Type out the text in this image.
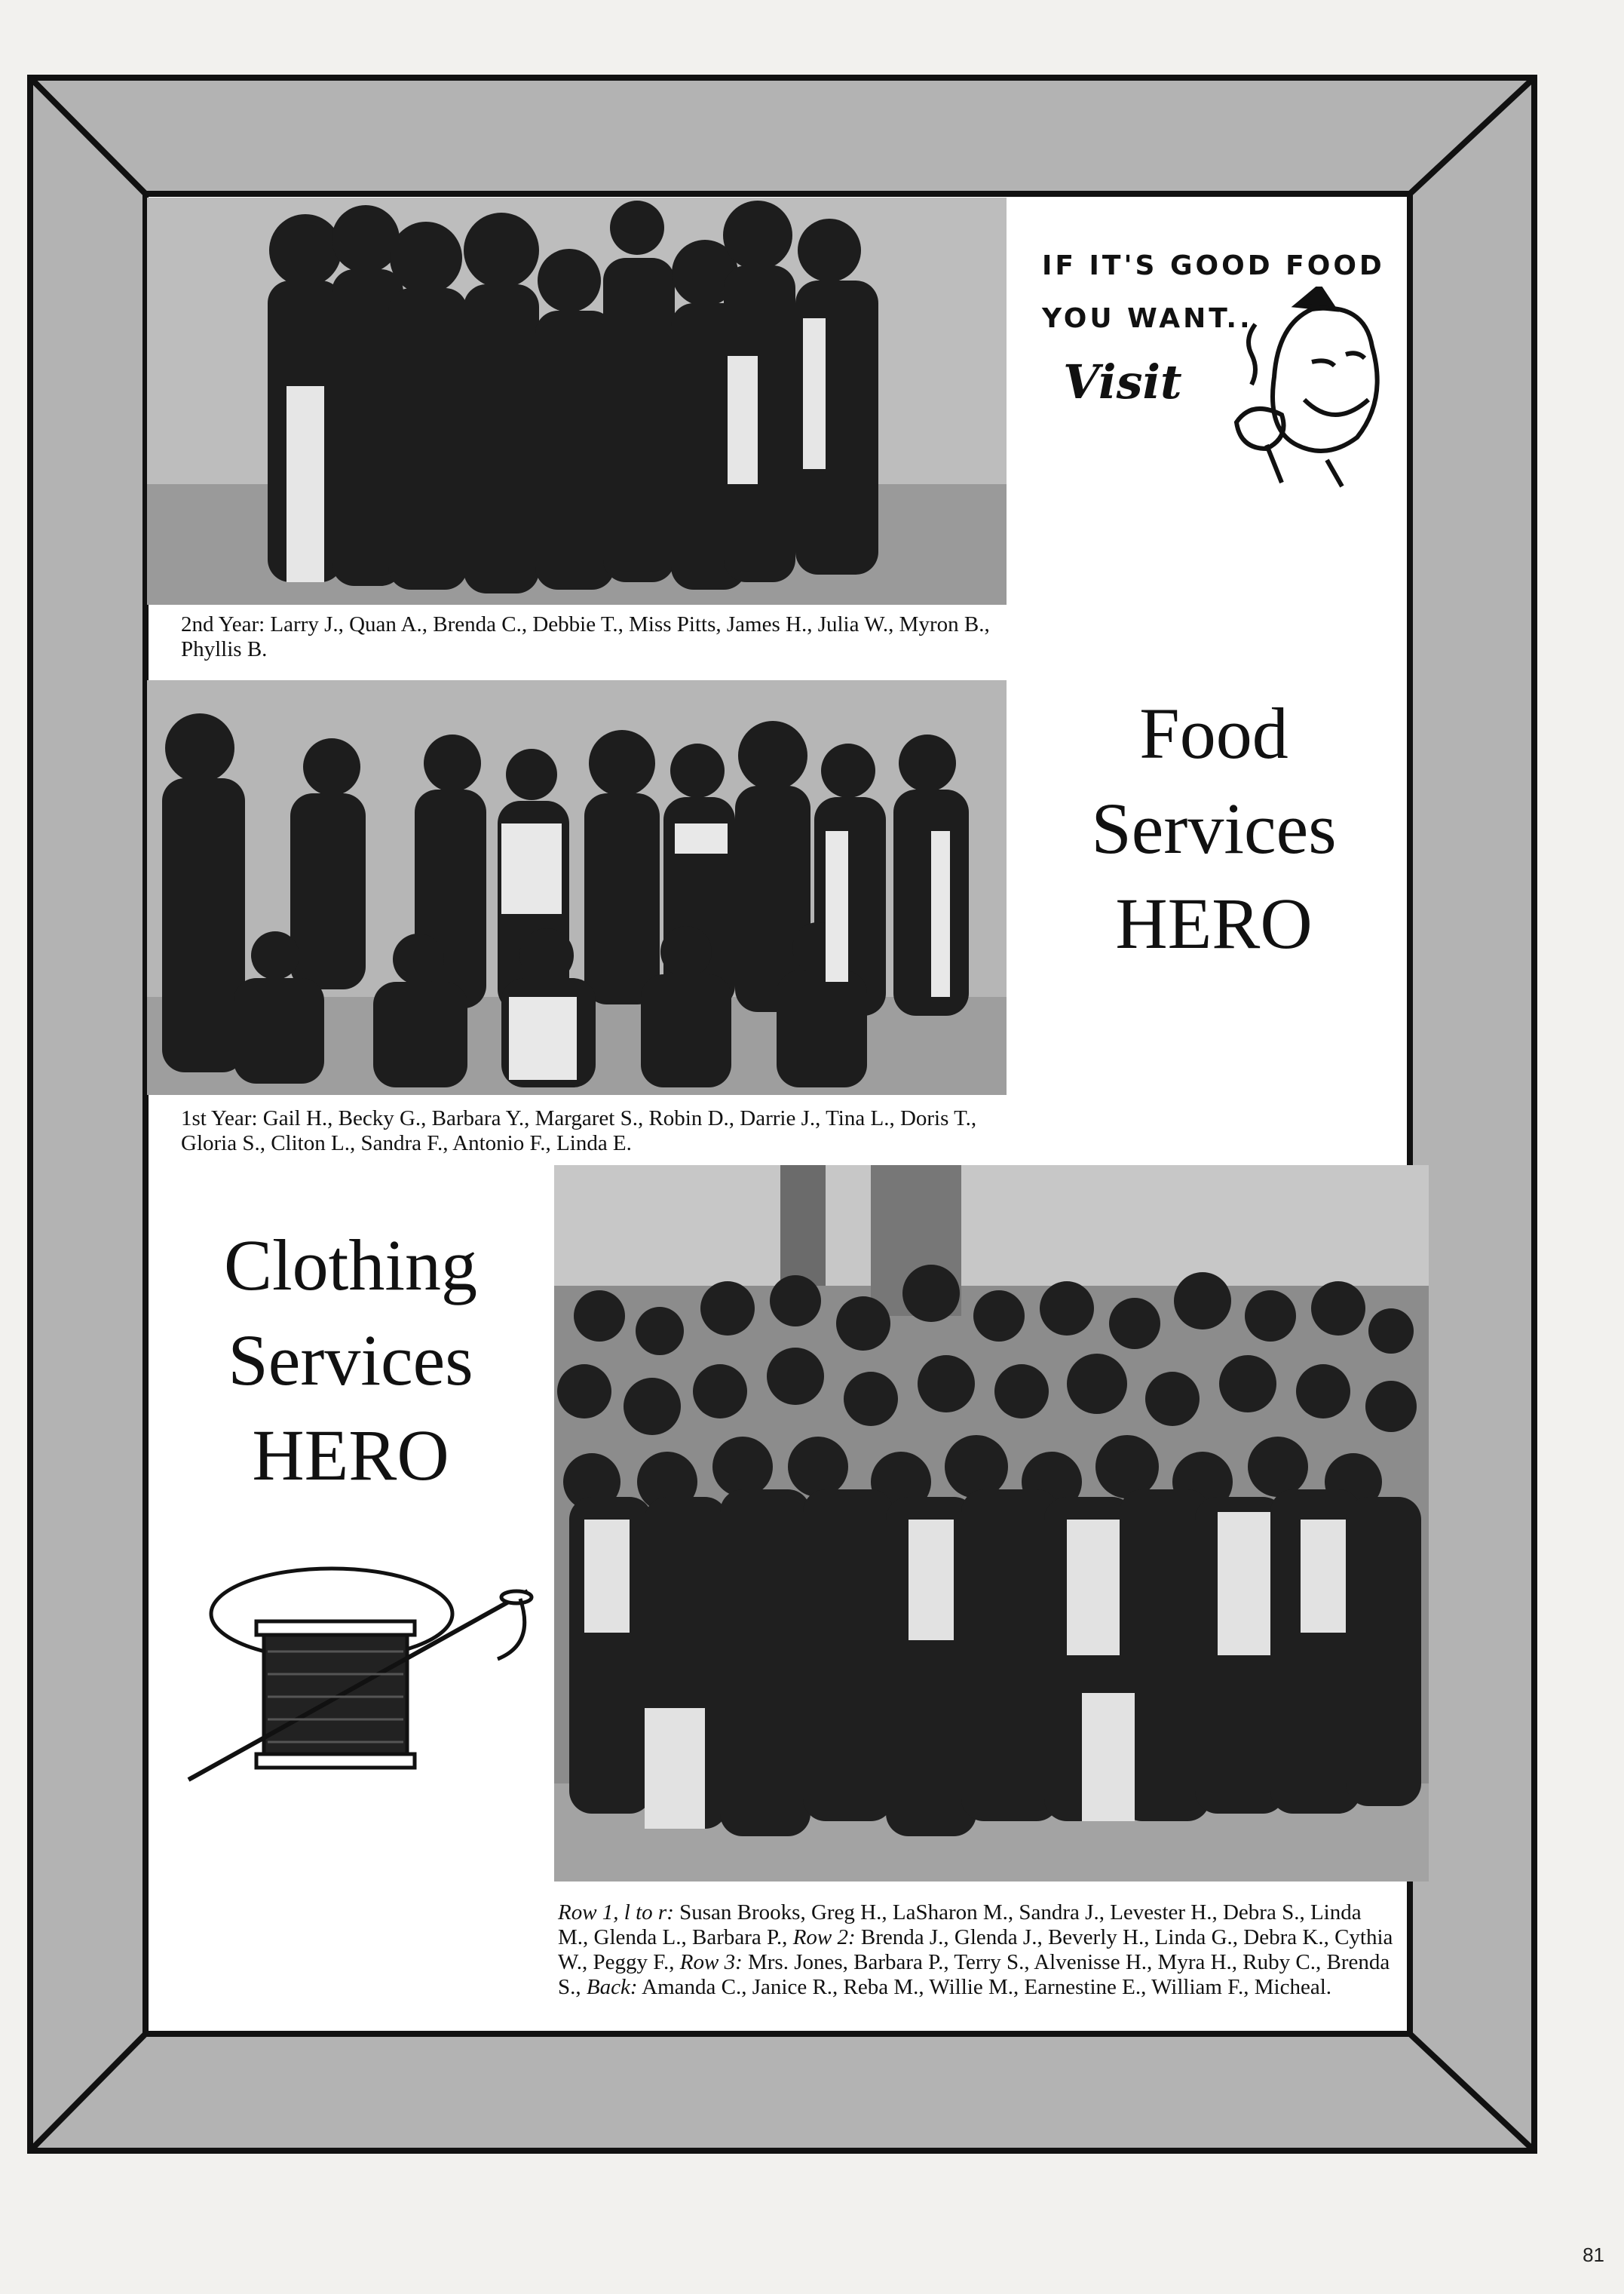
2nd Year: Larry J., Quan A., Brenda C., Debbie T., Miss Pitts, James H., Julia W., Myron B., Phyllis B.
IF IT'S GOOD FOOD
YOU WANT..
Visit
1st Year: Gail H., Becky G., Barbara Y., Margaret S., Robin D., Darrie J., Tina L., Doris T., Gloria S., Cliton L., Sandra F., Antonio F., Linda E.
Food
Services
HERO
Clothing
Services
HERO
Row 1, l to r: Susan Brooks, Greg H., LaSharon M., Sandra J., Levester H., Debra S., Linda M., Glenda L., Barbara P., Row 2: Brenda J., Glenda J., Beverly H., Linda G., Debra K., Cythia W., Peggy F., Row 3: Mrs. Jones, Barbara P., Terry S., Alvenisse H., Myra H., Ruby C., Brenda S., Back: Amanda C., Janice R., Reba M., Willie M., Earnestine E., William F., Micheal.
81
